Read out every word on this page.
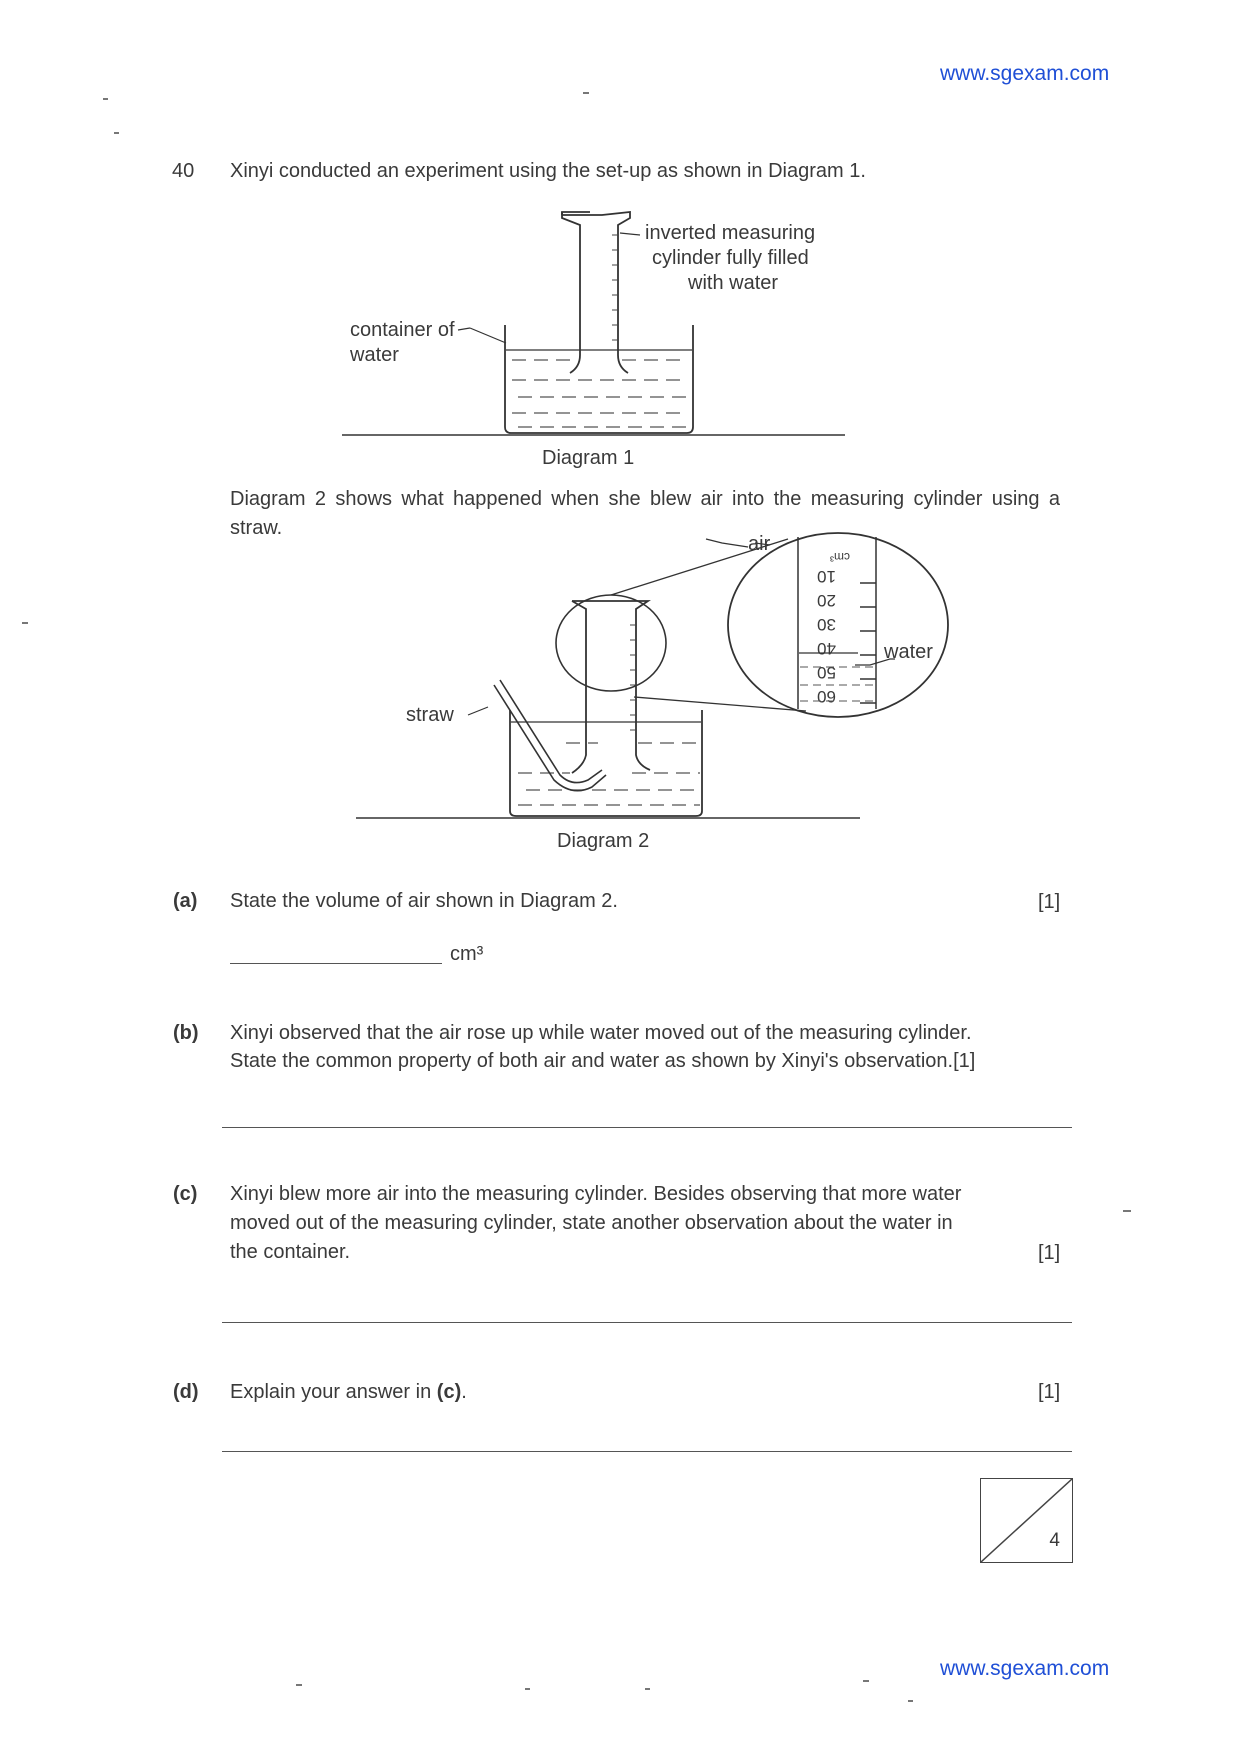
www.sgexam.com
40 Xinyi conducted an experiment using the set-up as shown in Diagram 1.
inverted measuring
cylinder fully filled
with water
container of
water
Diagram 1
Diagram 2 shows what happened when she blew air into the measuring cylinder using a straw.
cm³
10
20
30
40
50
60
air
water
straw
Diagram 2
(a) State the volume of air shown in Diagram 2.	[1]
cm³
(b) Xinyi observed that the air rose up while water moved out of the measuring cylinder.
State the common property of both air and water as shown by Xinyi's observation.[1]
(c) Xinyi blew more air into the measuring cylinder. Besides observing that more water
moved out of the measuring cylinder, state another observation about the water in
the container.	[1]
(d) Explain your answer in (c).	[1]
4
www.sgexam.com
